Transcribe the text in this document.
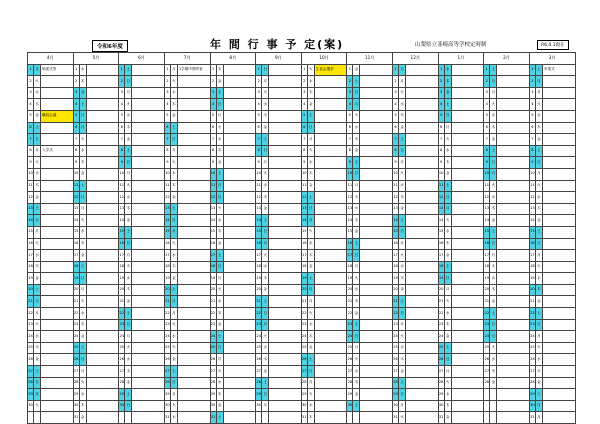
令和6年度	年 間 行 事 予 定(案)	山梨県立韮崎高等学校定時制	R6.4.1現在
4月			5月			6月			7月			8月			9月			10月			11月			12月			1月			2月			3月		
1	月	始業式等	1	水		1	土		1	月	1学期中間考査	1	木		1	日		1	火	生徒会選挙	1	金		1	日		1	水		1	土		1	土	卒業式
2	火		2	木		2	日		2	火		2	金		2	月		2	水		2	土		2	月		2	木		2	日		2	日	
3	水		3	金		3	月		3	水		3	土		3	火		3	木		3	日		3	火		3	金		3	月		3	月	
4	木		4	土		4	火		4	木		4	日		4	水		4	金		4	月		4	水		4	土		4	火		4	火	
5	金	職員会議	5	日		5	水		5	金		5	月		5	木		5	土		5	火		5	木		5	日		5	水		5	水	
6	土		6	月		6	木		6	土		6	火		6	金		6	日		6	水		6	金		6	月		6	木		6	木	
7	日		7	火		7	金		7	日		7	水		7	土		7	月		7	木		7	土		7	火		7	金		7	金	
8	月	入学式	8	水		8	土		8	月		8	木		8	日		8	火		8	金		8	日		8	水		8	土		8	土	
9	火		9	木		9	日		9	火		9	金		9	月		9	水		9	土		9	月		9	木		9	日		9	日	
10	水		10	金		10	月		10	水		10	土		10	火		10	木		10	日		10	火		10	金		10	月		10	月	
11	木		11	土		11	火		11	木		11	日		11	水		11	金		11	月		11	水		11	土		11	火		11	火	
12	金		12	日		12	水		12	金		12	月		12	木		12	土		12	火		12	木		12	日		12	水		12	水	
13	土		13	月		13	木		13	土		13	火		13	金		13	日		13	水		13	金		13	月		13	木		13	木	
14	日		14	火		14	金		14	日		14	水		14	土		14	月		14	木		14	土		14	火		14	金		14	金	
15	月		15	水		15	土		15	月		15	木		15	日		15	火		15	金		15	日		15	水		15	土		15	土	
16	火		16	木		16	日		16	火		16	金		16	月		16	水		16	土		16	月		16	木		16	日		16	日	
17	水		17	金		17	月		17	水		17	土		17	火		17	木		17	日		17	火		17	金		17	月		17	月	
18	木		18	土		18	火		18	木		18	日		18	水		18	金		18	月		18	水		18	土		18	火		18	火	
19	金		19	日		19	水		19	金		19	月		19	木		19	土		19	火		19	木		19	日		19	水		19	水	
20	土		20	月		20	木		20	土		20	火		20	金		20	日		20	水		20	金		20	月		20	木		20	木	
21	日		21	火		21	金		21	日		21	水		21	土		21	月		21	木		21	土		21	火		21	金		21	金	
22	月		22	水		22	土		22	月		22	木		22	日		22	火		22	金		22	日		22	水		22	土		22	土	
23	火		23	木		23	日		23	火		23	金		23	月		23	水		23	土		23	月		23	木		23	日		23	日	
24	水		24	金		24	月		24	水		24	土		24	火		24	木		24	日		24	火		24	金		24	月		24	月	
25	木		25	土		25	火		25	木		25	日		25	水		25	金		25	月		25	水		25	土		25	火		25	火	
26	金		26	日		26	水		26	金		26	月		26	木		26	土		26	火		26	木		26	日		26	水		26	水	
27	土		27	月		27	木		27	土		27	火		27	金		27	日		27	水		27	金		27	月		27	木		27	木	
28	日		28	火		28	金		28	日		28	水		28	土		28	月		28	木		28	土		28	火		28	金		28	金	
29	月		29	水		29	土		29	月		29	木		29	日		29	火		29	金		29	日		29	水					29	土	
30	火		30	木		30	日		30	火		30	金		30	月		30	水		30	土		30	月		30	木					30	日	
			31	金					31	水		31	土					31	木					31	火		31	金					31	月	
